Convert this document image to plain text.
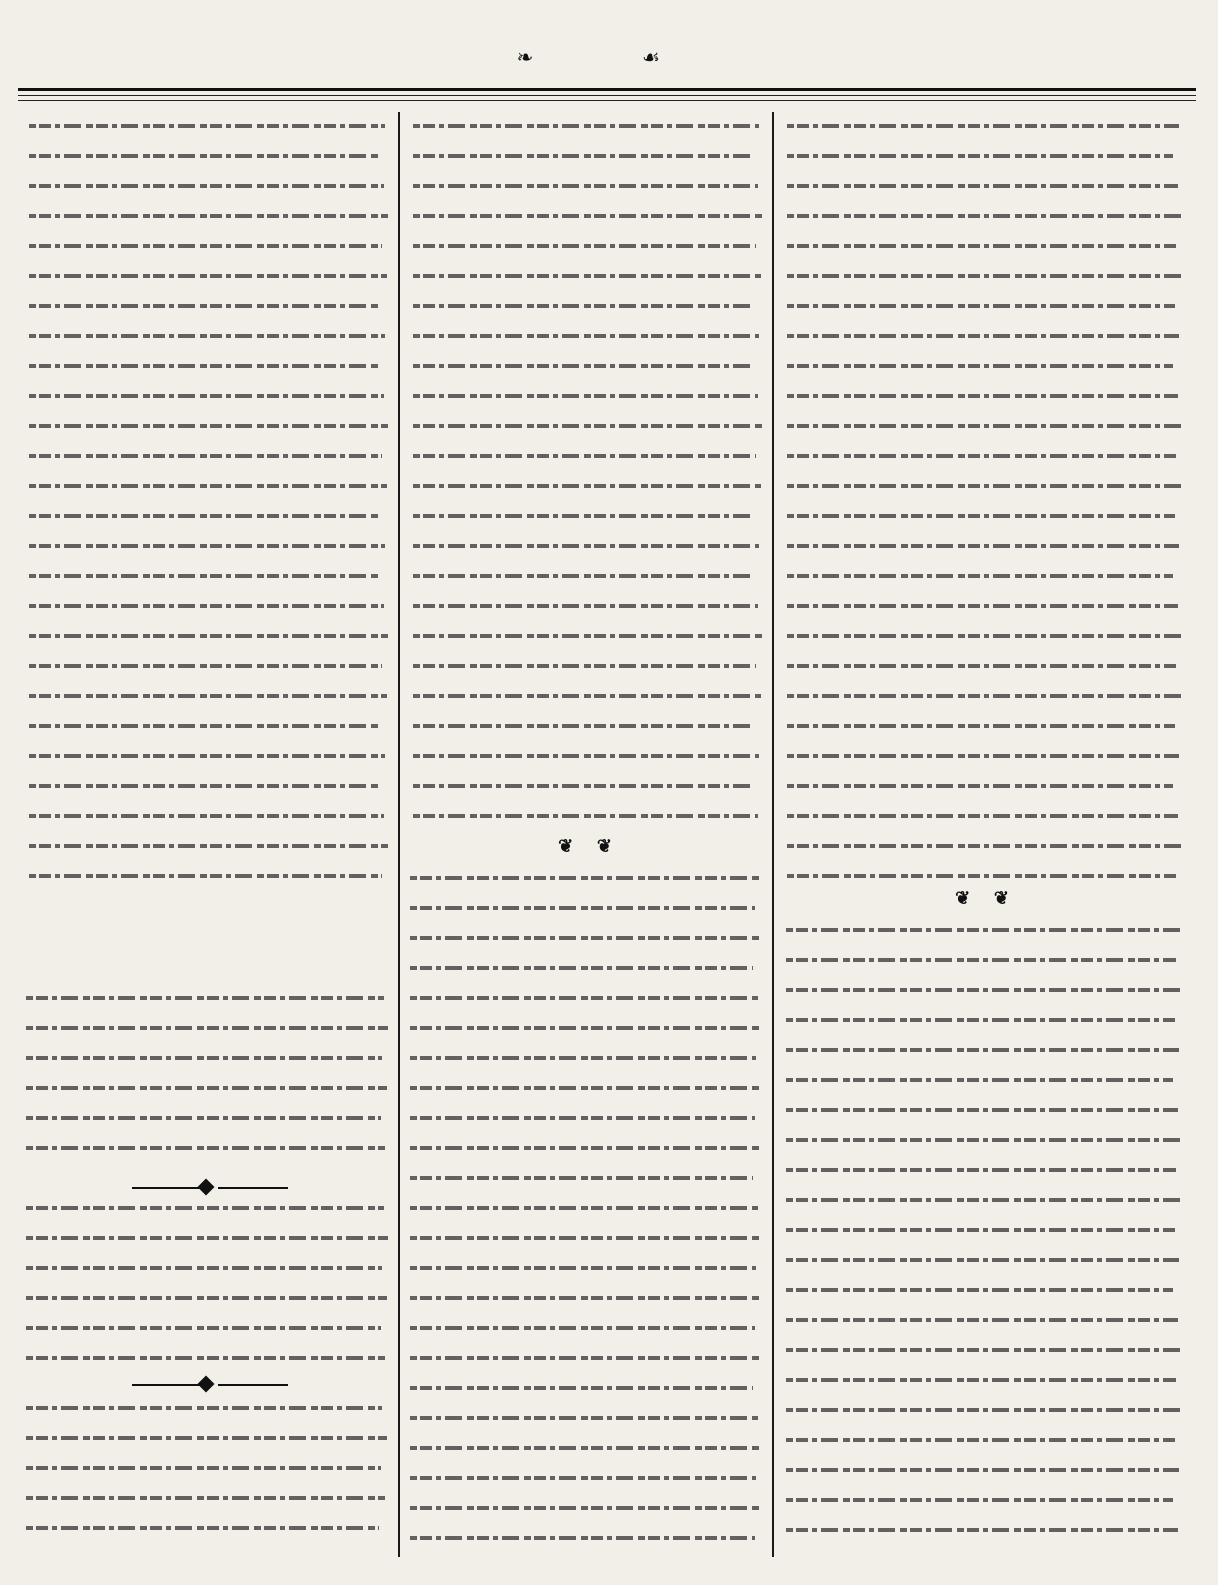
❧	☙
❦ ❦
❦ ❦
